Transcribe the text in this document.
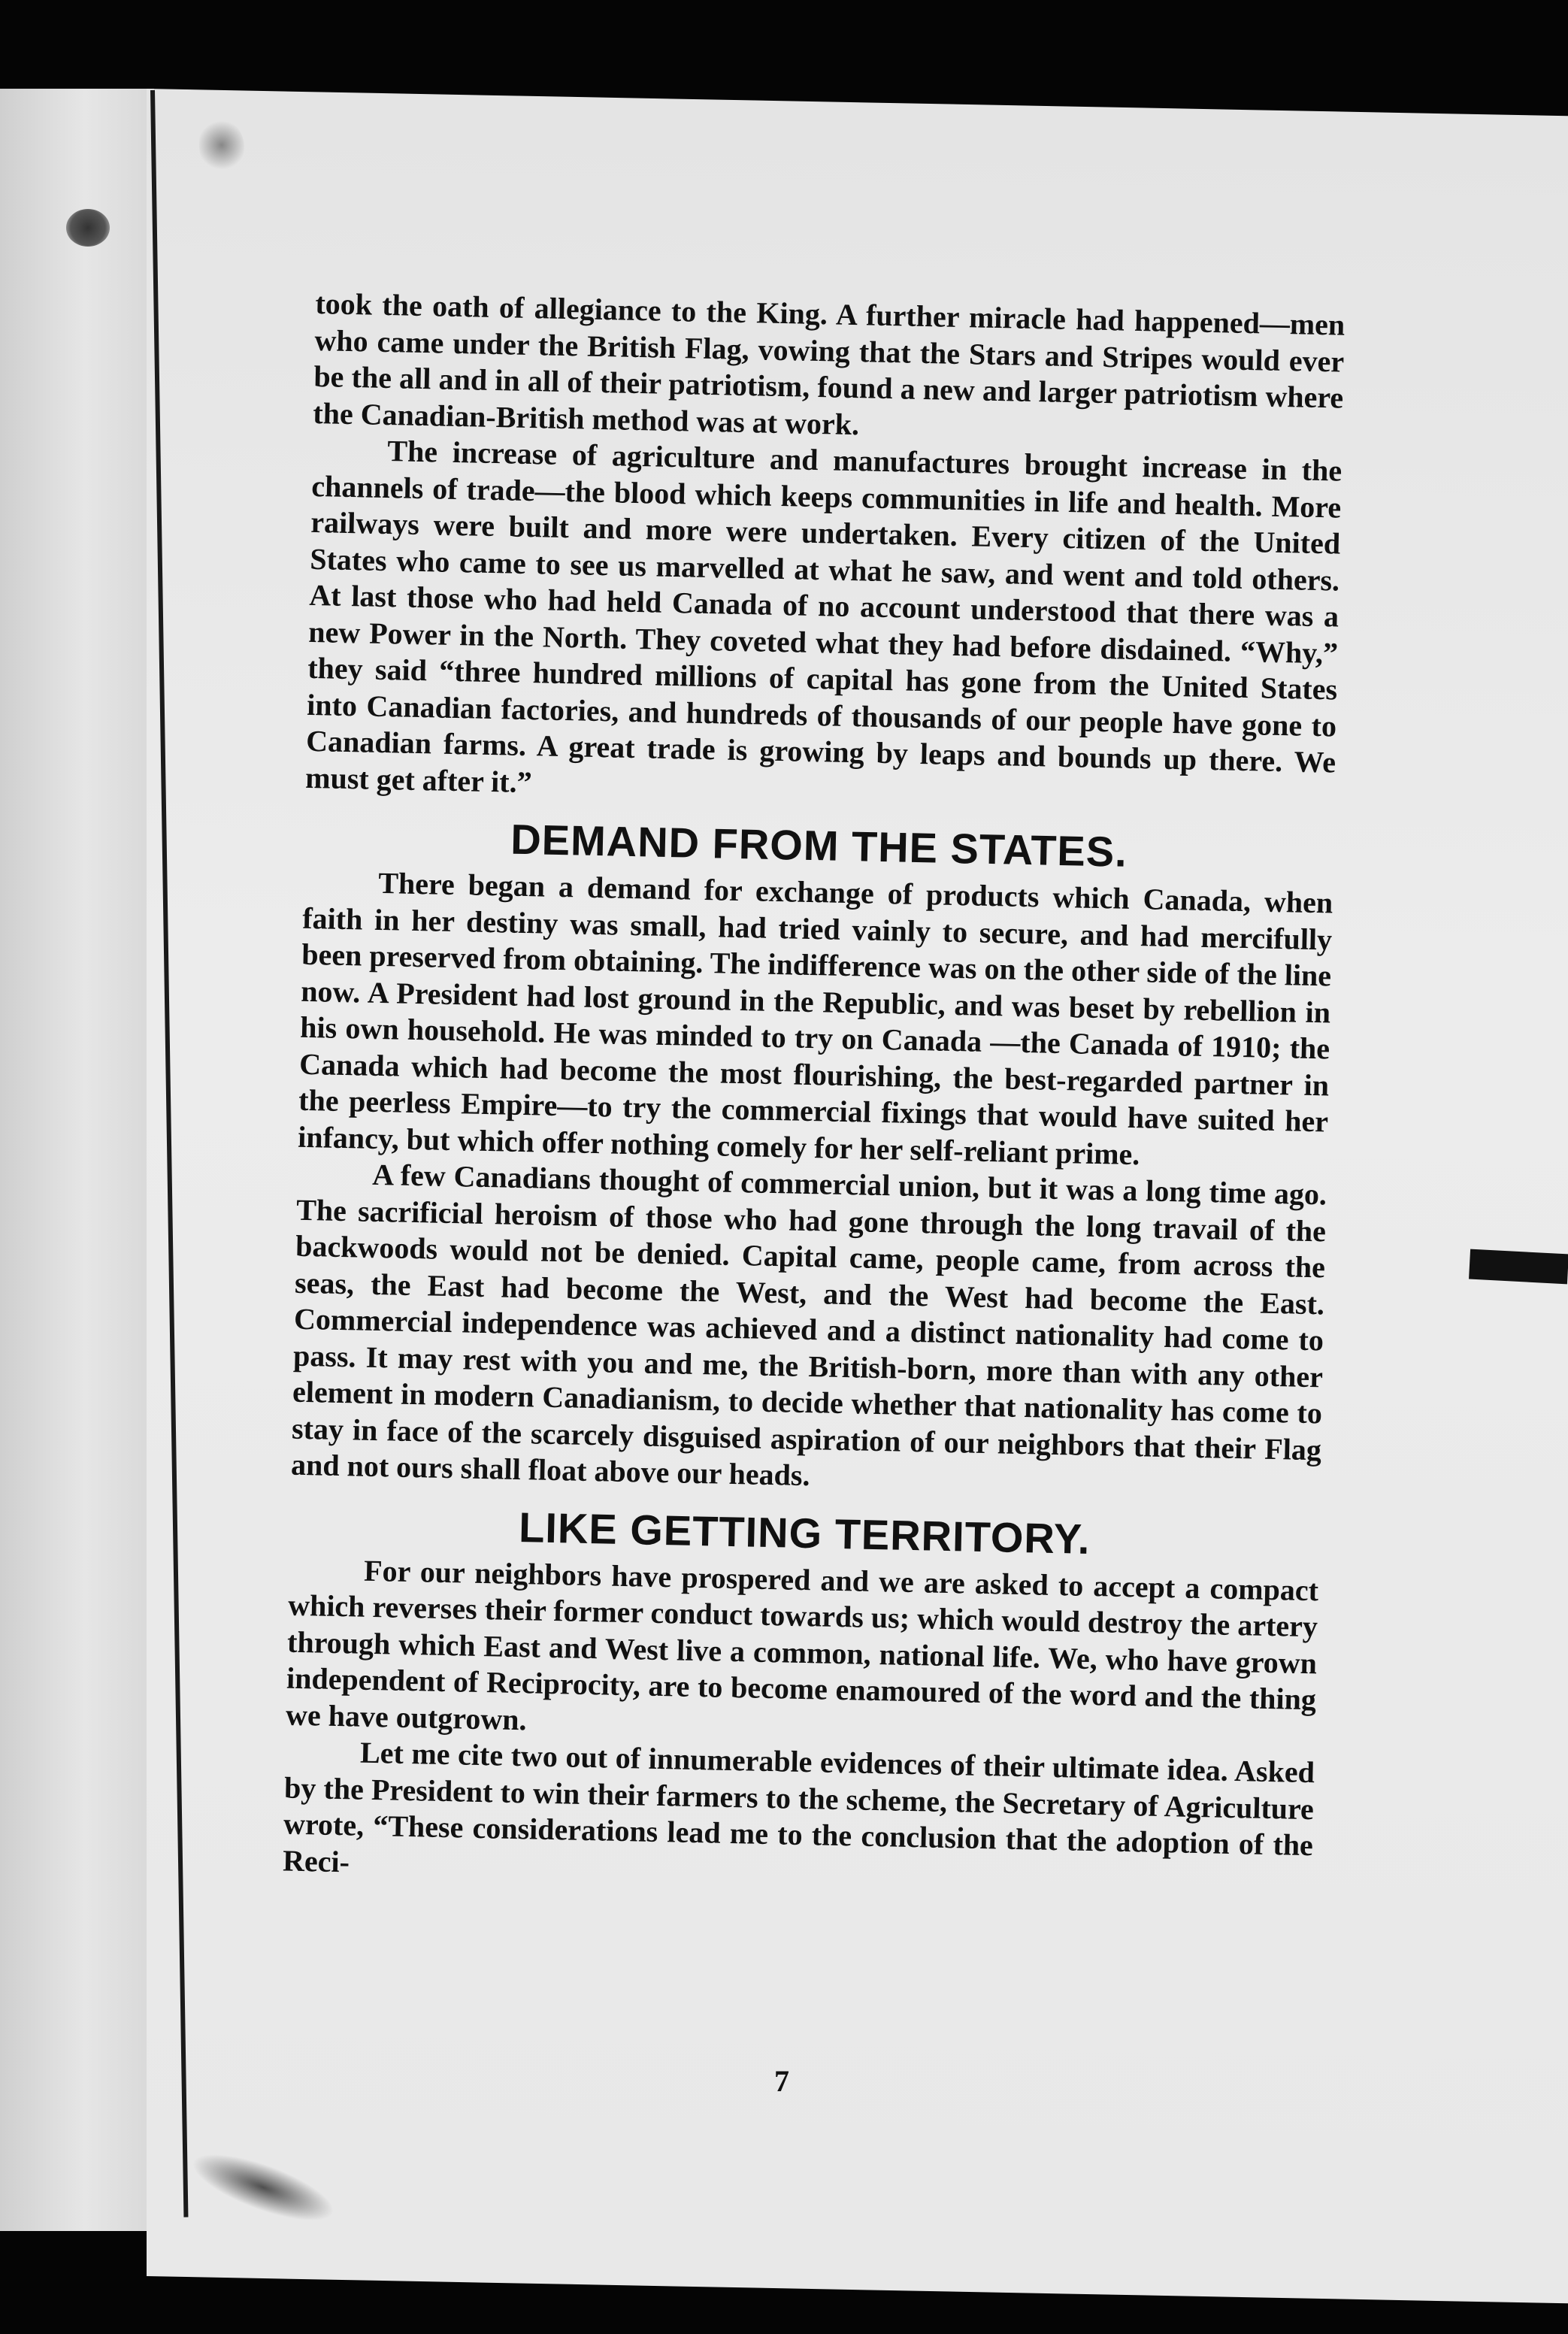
took the oath of allegiance to the King. A further miracle had happened—men who came under the British Flag, vowing that the Stars and Stripes would ever be the all and in all of their patriotism, found a new and larger patriotism where the Canadian-British method was at work.

The increase of agriculture and manufactures brought increase in the channels of trade—the blood which keeps communities in life and health. More railways were built and more were undertaken. Every citizen of the United States who came to see us marvelled at what he saw, and went and told others. At last those who had held Canada of no account understood that there was a new Power in the North. They coveted what they had before disdained. “Why,” they said “three hundred millions of capital has gone from the United States into Canadian factories, and hundreds of thousands of our people have gone to Canadian farms. A great trade is growing by leaps and bounds up there. We must get after it.”

DEMAND FROM THE STATES.

There began a demand for exchange of products which Canada, when faith in her destiny was small, had tried vainly to secure, and had mercifully been preserved from obtaining. The indifference was on the other side of the line now. A President had lost ground in the Republic, and was beset by rebellion in his own household. He was minded to try on Canada —the Canada of 1910; the Canada which had become the most flourishing, the best-regarded partner in the peerless Empire—to try the commercial fixings that would have suited her infancy, but which offer nothing comely for her self-reliant prime.

A few Canadians thought of commercial union, but it was a long time ago. The sacrificial heroism of those who had gone through the long travail of the backwoods would not be denied. Capital came, people came, from across the seas, the East had become the West, and the West had become the East. Commercial independence was achieved and a distinct nationality had come to pass. It may rest with you and me, the British-born, more than with any other element in modern Canadianism, to decide whether that nationality has come to stay in face of the scarcely disguised aspiration of our neighbors that their Flag and not ours shall float above our heads.

LIKE GETTING TERRITORY.

For our neighbors have prospered and we are asked to accept a compact which reverses their former conduct towards us; which would destroy the artery through which East and West live a common, national life. We, who have grown independent of Reciprocity, are to become enamoured of the word and the thing we have outgrown.

Let me cite two out of innumerable evidences of their ultimate idea. Asked by the President to win their farmers to the scheme, the Secretary of Agriculture wrote, “These considerations lead me to the conclusion that the adoption of the Reci-

7
